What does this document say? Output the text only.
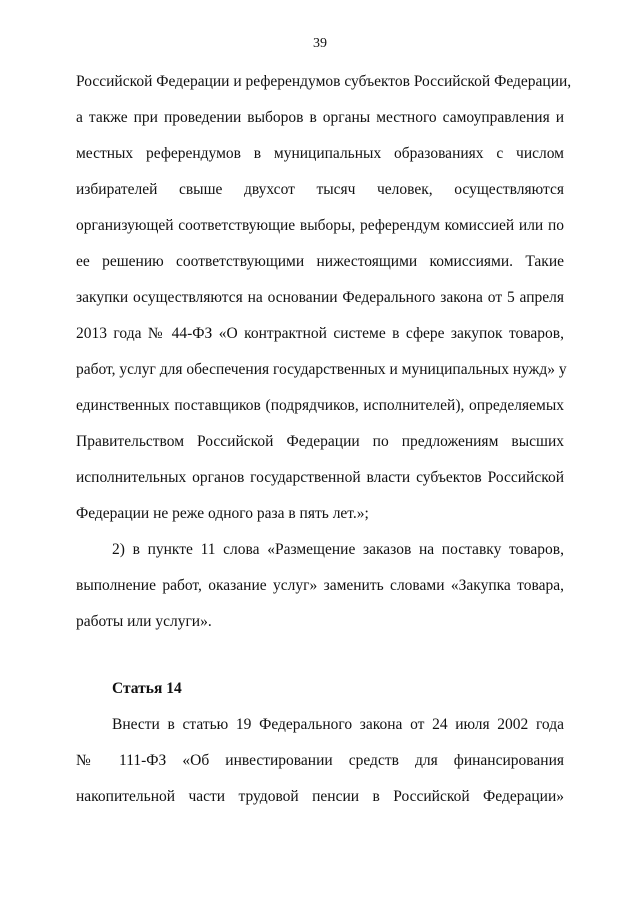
39
Российской Федерации и референдумов субъектов Российской Федерации,
а также при проведении выборов в органы местного самоуправления и
местных референдумов в муниципальных образованиях с числом
избирателей свыше двухсот тысяч человек, осуществляются
организующей соответствующие выборы, референдум комиссией или по
ее решению соответствующими нижестоящими комиссиями. Такие
закупки осуществляются на основании Федерального закона от 5 апреля
2013 года № 44-ФЗ «О контрактной системе в сфере закупок товаров,
работ, услуг для обеспечения государственных и муниципальных нужд» у
единственных поставщиков (подрядчиков, исполнителей), определяемых
Правительством Российской Федерации по предложениям высших
исполнительных органов государственной власти субъектов Российской
Федерации не реже одного раза в пять лет.»;
2) в пункте 11 слова «Размещение заказов на поставку товаров,
выполнение работ, оказание услуг» заменить словами «Закупка товара,
работы или услуги».
Статья 14
Внести в статью 19 Федерального закона от 24 июля 2002 года
№ 111-ФЗ «Об инвестировании средств для финансирования
накопительной части трудовой пенсии в Российской Федерации»
